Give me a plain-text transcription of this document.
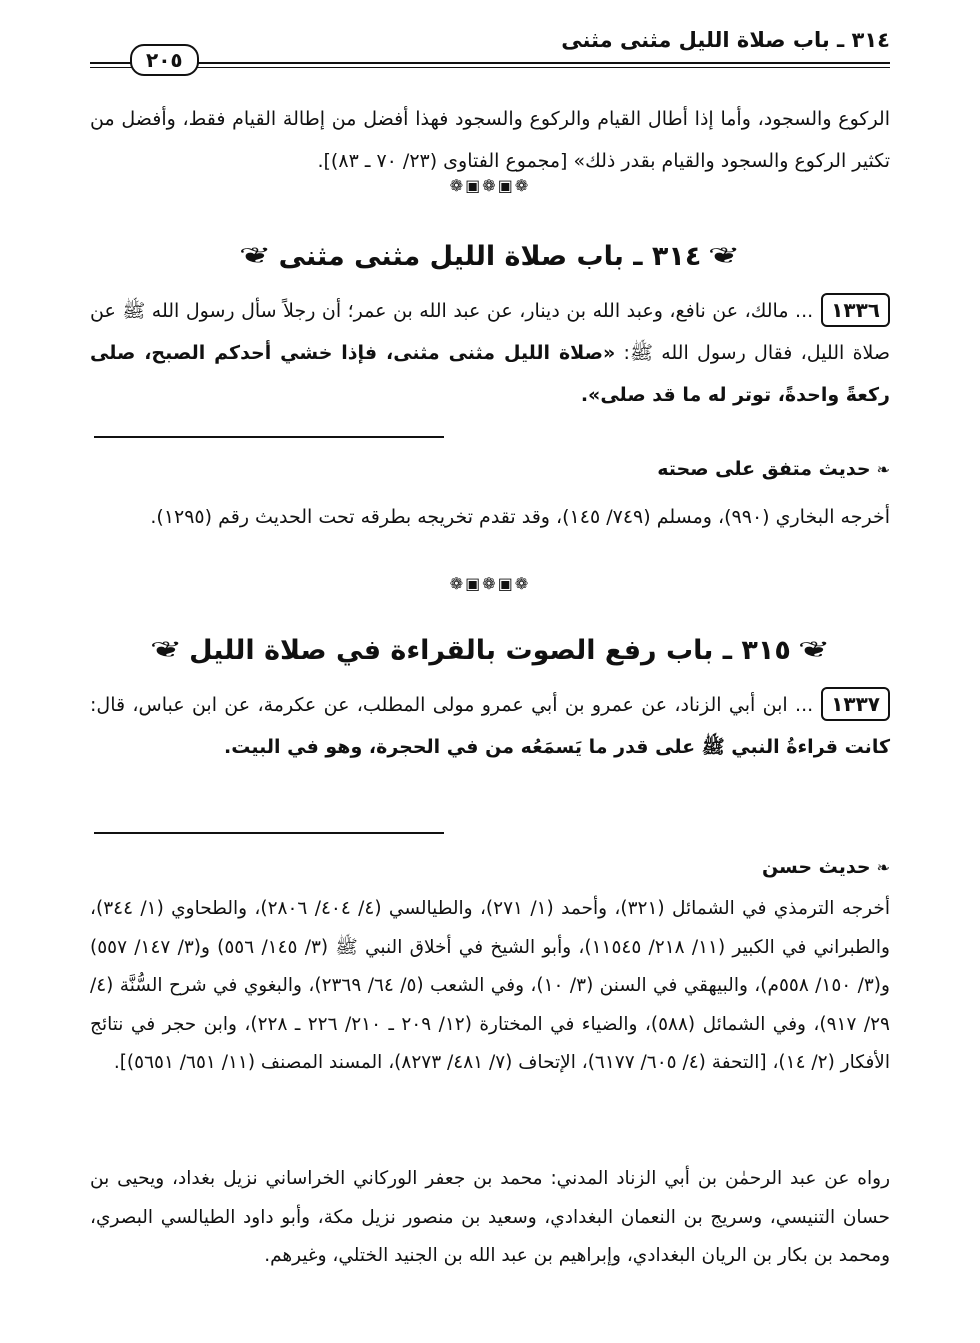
٣١٤ ـ باب صلاة الليل مثنى مثنى
٢٠٥
الركوع والسجود، وأما إذا أطال القيام والركوع والسجود فهذا أفضل من إطالة القيام فقط، وأفضل من تكثير الركوع والسجود والقيام بقدر ذلك» [مجموع الفتاوى (٢٣/ ٧٠ ـ ٨٣)].
❁▣❁▣❁
❦
٣١٤ ـ باب صلاة الليل مثنى مثنى
❦
١٣٣٦... مالك، عن نافع، وعبد الله بن دينار، عن عبد الله بن عمر؛ أن رجلاً سأل رسول الله ﷺ عن صلاة الليل، فقال رسول الله ﷺ: «صلاة الليل مثنى مثنى، فإذا خشي أحدكم الصبح، صلى ركعةً واحدةً، توتر له ما قد صلى».
❧
حديث متفق على صحته
أخرجه البخاري (٩٩٠)، ومسلم (٧٤٩/ ١٤٥)، وقد تقدم تخريجه بطرقه تحت الحديث رقم (١٢٩٥).
❁▣❁▣❁
❦
٣١٥ ـ باب رفع الصوت بالقراءة في صلاة الليل
❦
١٣٣٧... ابن أبي الزناد، عن عمرو بن أبي عمرو مولى المطلب، عن عكرمة، عن ابن عباس، قال: كانت قراءةُ النبي ﷺ على قدر ما يَسمَعُه من في الحجرة، وهو في البيت.
❧
حديث حسن
أخرجه الترمذي في الشمائل (٣٢١)، وأحمد (١/ ٢٧١)، والطيالسي (٤/ ٤٠٤/ ٢٨٠٦)، والطحاوي (١/ ٣٤٤)، والطبراني في الكبير (١١/ ٢١٨/ ١١٥٤٥)، وأبو الشيخ في أخلاق النبي ﷺ (٣/ ١٤٥/ ٥٥٦) و(٣/ ١٤٧/ ٥٥٧) و(٣/ ١٥٠/ ٥٥٨م)، والبيهقي في السنن (٣/ ١٠)، وفي الشعب (٥/ ٦٤/ ٢٣٦٩)، والبغوي في شرح السُّنَّة (٤/ ٢٩/ ٩١٧)، وفي الشمائل (٥٨٨)، والضياء في المختارة (١٢/ ٢٠٩ ـ ٢١٠/ ٢٢٦ ـ ٢٢٨)، وابن حجر في نتائج الأفكار (٢/ ١٤)، [التحفة (٤/ ٦٠٥/ ٦١٧٧)، الإتحاف (٧/ ٤٨١/ ٨٢٧٣)، المسند المصنف (١١/ ٦٥١/ ٥٦٥١)].
رواه عن عبد الرحمٰن بن أبي الزناد المدني: محمد بن جعفر الوركاني الخراساني نزيل بغداد، ويحيى بن حسان التنيسي، وسريج بن النعمان البغدادي، وسعيد بن منصور نزيل مكة، وأبو داود الطيالسي البصري، ومحمد بن بكار بن الريان البغدادي، وإبراهيم بن عبد الله بن الجنيد الختلي، وغيرهم.
